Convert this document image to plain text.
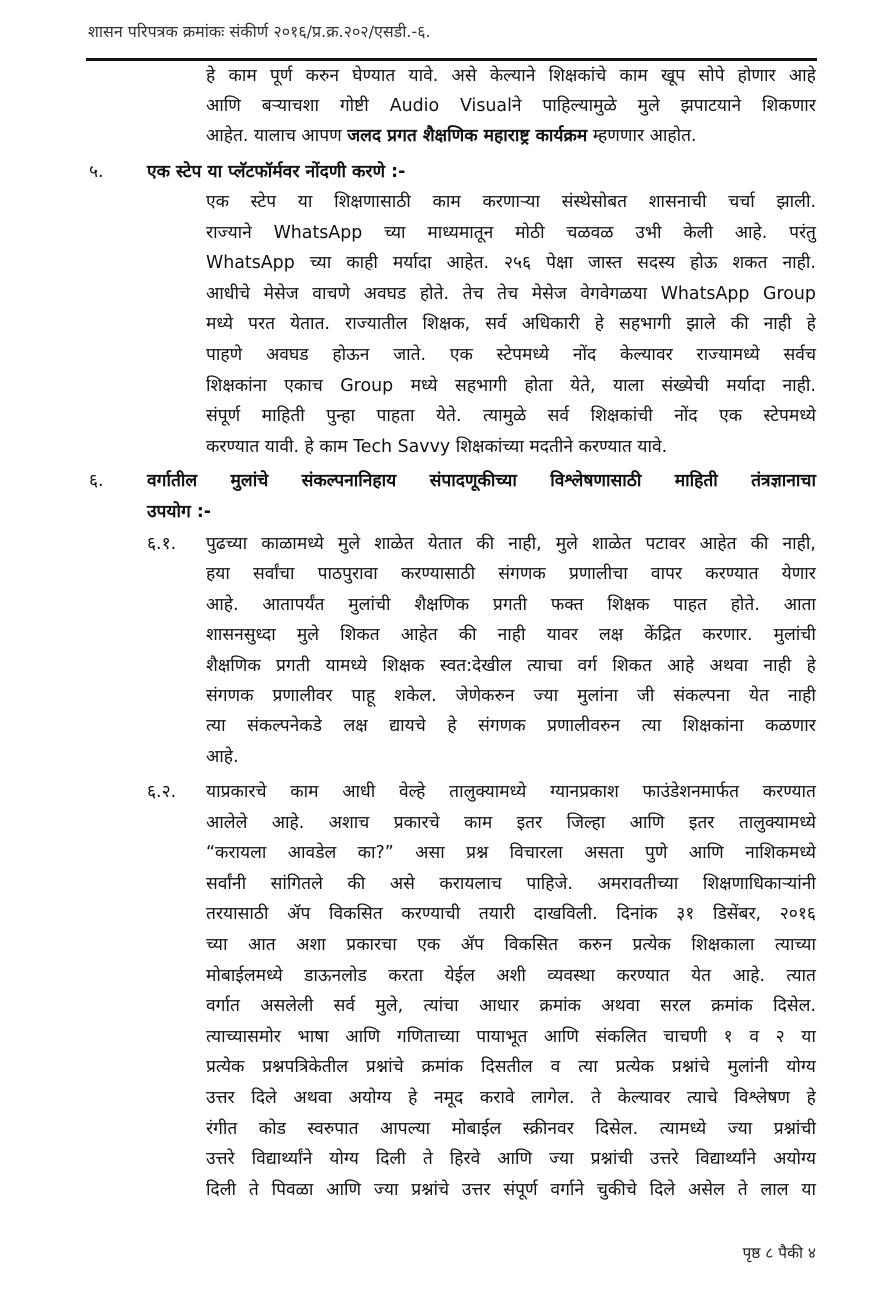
शासन परिपत्रक क्रमांकः संकीर्ण २०१६/प्र.क्र.२०२/एसडी.-६.
हे काम पूर्ण करुन घेण्यात यावे. असे केल्याने शिक्षकांचे काम खूप सोपे होणार आहे
आणि बऱ्याचशा गोष्टी Audio Visualने पाहिल्यामुळे मुले झपाटयाने शिकणार
आहेत. यालाच आपण जलद प्रगत शैक्षणिक महाराष्ट्र कार्यक्रम म्हणणार आहोत.
५. एक स्टेप या प्लॅटफॉर्मवर नोंदणी करणे :-
एक स्टेप या शिक्षणासाठी काम करणाऱ्या संस्थेसोबत शासनाची चर्चा झाली.
राज्याने WhatsApp च्या माध्यमातून मोठी चळवळ उभी केली आहे. परंतु
WhatsApp च्या काही मर्यादा आहेत. २५६ पेक्षा जास्त सदस्य होऊ शकत नाही.
आधीचे मेसेज वाचणे अवघड होते. तेच तेच मेसेज वेगवेगळया WhatsApp Group
मध्ये परत येतात. राज्यातील शिक्षक, सर्व अधिकारी हे सहभागी झाले की नाही हे
पाहणे अवघड होऊन जाते. एक स्टेपमध्ये नोंद केल्यावर राज्यामध्ये सर्वच
शिक्षकांना एकाच Group मध्ये सहभागी होता येते, याला संख्येची मर्यादा नाही.
संपूर्ण माहिती पुन्हा पाहता येते. त्यामुळे सर्व शिक्षकांची नोंद एक स्टेपमध्ये
करण्यात यावी. हे काम Tech Savvy शिक्षकांच्या मदतीने करण्यात यावे.
६. वर्गातील मुलांचे संकल्पनानिहाय संपादणूकीच्या विश्लेषणासाठी माहिती तंत्रज्ञानाचा
उपयोग :-
६.१. पुढच्या काळामध्ये मुले शाळेत येतात की नाही, मुले शाळेत पटावर आहेत की नाही,
हया सर्वांचा पाठपुरावा करण्यासाठी संगणक प्रणालीचा वापर करण्यात येणार
आहे. आतापर्यंत मुलांची शैक्षणिक प्रगती फक्त शिक्षक पाहत होते. आता
शासनसुध्दा मुले शिकत आहेत की नाही यावर लक्ष केंद्रित करणार. मुलांची
शैक्षणिक प्रगती यामध्ये शिक्षक स्वत:देखील त्याचा वर्ग शिकत आहे अथवा नाही हे
संगणक प्रणालीवर पाहू शकेल. जेणेकरुन ज्या मुलांना जी संकल्पना येत नाही
त्या संकल्पनेकडे लक्ष द्यायचे हे संगणक प्रणालीवरुन त्या शिक्षकांना कळणार
आहे.
६.२. याप्रकारचे काम आधी वेल्हे तालुक्यामध्ये ग्यानप्रकाश फाउंडेशनमार्फत करण्यात
आलेले आहे. अशाच प्रकारचे काम इतर जिल्हा आणि इतर तालुक्यामध्ये
“करायला आवडेल का?” असा प्रश्न विचारला असता पुणे आणि नाशिकमध्ये
सर्वांनी सांगितले की असे करायलाच पाहिजे. अमरावतीच्या शिक्षणाधिकाऱ्यांनी
तरयासाठी ॲप विकसित करण्याची तयारी दाखविली. दिनांक ३१ डिसेंबर, २०१६
च्या आत अशा प्रकारचा एक ॲप विकसित करुन प्रत्येक शिक्षकाला त्याच्या
मोबाईलमध्ये डाऊनलोड करता येईल अशी व्यवस्था करण्यात येत आहे. त्यात
वर्गात असलेली सर्व मुले, त्यांचा आधार क्रमांक अथवा सरल क्रमांक दिसेल.
त्याच्यासमोर भाषा आणि गणिताच्या पायाभूत आणि संकलित चाचणी १ व २ या
प्रत्येक प्रश्नपत्रिकेतील प्रश्नांचे क्रमांक दिसतील व त्या प्रत्येक प्रश्नांचे मुलांनी योग्य
उत्तर दिले अथवा अयोग्य हे नमूद करावे लागेल. ते केल्यावर त्याचे विश्लेषण हे
रंगीत कोड स्वरुपात आपल्या मोबाईल स्क्रीनवर दिसेल. त्यामध्ये ज्या प्रश्नांची
उत्तरे विद्यार्थ्यांने योग्य दिली ते हिरवे आणि ज्या प्रश्नांची उत्तरे विद्यार्थ्यांने अयोग्य
दिली ते पिवळा आणि ज्या प्रश्नांचे उत्तर संपूर्ण वर्गाने चुकीचे दिले असेल ते लाल या
पृष्ठ ८ पैकी ४
